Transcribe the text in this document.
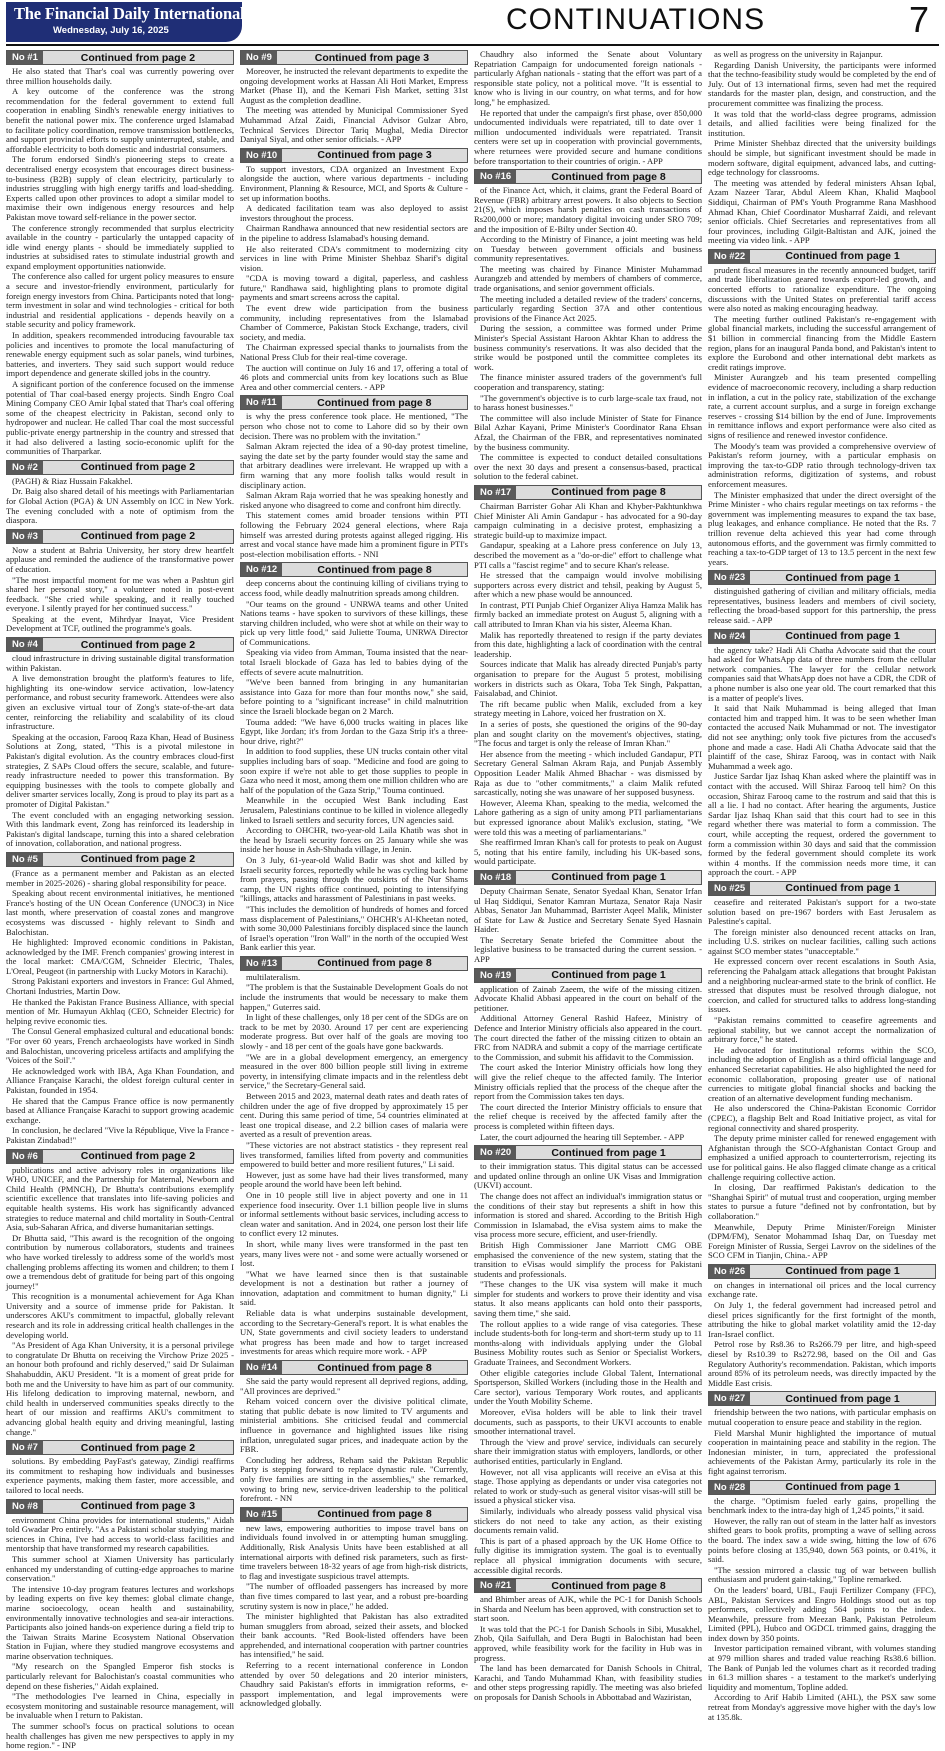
The Financial Daily International
Wednesday, July 16, 2025	CONTINUATIONS	7
No #1	Continued from page 2

He also stated that Thar's coal was currently powering over three million households daily.

A key outcome of the conference was the strong recommendation for the federal government to extend full cooperation in enabling Sindh's renewable energy initiatives to benefit the national power mix. The conference urged Islamabad to facilitate policy coordination, remove transmission bottlenecks, and support provincial efforts to supply uninterrupted, stable, and affordable electricity to both domestic and industrial consumers.

The forum endorsed Sindh's pioneering steps to create a decentralised energy ecosystem that encourages direct business-to-business (B2B) supply of clean electricity, particularly to industries struggling with high energy tariffs and load-shedding. Experts called upon other provinces to adopt a similar model to maximise their own indigenous energy resources and help Pakistan move toward self-reliance in the power sector.

The conference strongly recommended that surplus electricity available in the country - particularly the untapped capacity of idle wind energy plants - should be immediately supplied to industries at subsidised rates to stimulate industrial growth and expand employment opportunities nationwide.

The conference also called for urgent policy measures to ensure a secure and investor-friendly environment, particularly for foreign energy investors from China. Participants noted that long-term investment in solar and wind technologies - critical for both industrial and residential applications - depends heavily on a stable security and policy framework.

In addition, speakers recommended introducing favourable tax policies and incentives to promote the local manufacturing of renewable energy equipment such as solar panels, wind turbines, batteries, and inverters. They said such support would reduce import dependence and generate skilled jobs in the country.

A significant portion of the conference focused on the immense potential of Thar coal-based energy projects. Sindh Engro Coal Mining Company CEO Amir Iqbal stated that Thar's coal offering some of the cheapest electricity in Pakistan, second only to hydropower and nuclear. He called Thar coal the most successful public-private energy partnership in the country and stressed that it had also delivered a lasting socio-economic uplift for the communities of Tharparkar.

No #2	Continued from page 2

(PAGH) & Riaz Hussain Fakakhel.

Dr. Baig also shared detail of his meetings with Parliamentarian for Global Action (PGA) & UN Assembly on ICC in New York. The evening concluded with a note of optimism from the diaspora.

No #3	Continued from page 2

Now a student at Bahria University, her story drew heartfelt applause and reminded the audience of the transformative power of education.

"The most impactful moment for me was when a Pashtun girl shared her personal story," a volunteer noted in post-event feedback. "She cried while speaking, and it really touched everyone. I silently prayed for her continued success."

Speaking at the event, Mihrdyar Inayat, Vice President Development at TCF, outlined the programme's goals.

No #4	Continued from page 2

cloud infrastructure in driving sustainable digital transformation within Pakistan.

A live demonstration brought the platform's features to life, highlighting its one-window service activation, low-latency performance, and robust security framework. Attendees were also given an exclusive virtual tour of Zong's state-of-the-art data center, reinforcing the reliability and scalability of its cloud infrastructure.

Speaking at the occasion, Farooq Raza Khan, Head of Business Solutions at Zong, stated, "This is a pivotal milestone in Pakistan's digital evolution. As the country embraces cloud-first strategies, Z SAPs Cloud offers the secure, scalable, and future-ready infrastructure needed to power this transformation. By equipping businesses with the tools to compete globally and deliver smarter services locally, Zong is proud to play its part as a promoter of Digital Pakistan."

The event concluded with an engaging networking session. With this landmark event, Zong has reinforced its leadership in Pakistan's digital landscape, turning this into a shared celebration of innovation, collaboration, and national progress.

No #5	Continued from page 2

(France as a permanent member and Pakistan as an elected member in 2025-2026) - sharing global responsibility for peace.

Speaking about recent environmental initiatives, he mentioned France's hosting of the UN Ocean Conference (UNOC3) in Nice last month, where preservation of coastal zones and mangrove ecosystems was discussed - highly relevant to Sindh and Balochistan.

He highlighted: Improved economic conditions in Pakistan, acknowledged by the IMF. French companies' growing interest in the local market: CMA/CGM, Schneider Electric, Thales, L'Oreal, Peugeot (in partnership with Lucky Motors in Karachi).

Strong Pakistani exporters and investors in France: Gul Ahmed, Chortani Industries, Martin Dow.

He thanked the Pakistan France Business Alliance, with special mention of Mr. Humayun Akhlaq (CEO, Schneider Electric) for helping revive economic ties.

The Consul General emphasized cultural and educational bonds: "For over 60 years, French archaeologists have worked in Sindh and Balochistan, uncovering priceless artifacts and amplifying the 'Voices of the Soil'."

He acknowledged work with IBA, Aga Khan Foundation, and Alliance Française Karachi, the oldest foreign cultural center in Pakistan, founded in 1954.

He shared that the Campus France office is now permanently based at Alliance Française Karachi to support growing academic exchange.

In conclusion, he declared "Vive la République, Vive la France - Pakistan Zindabad!"

No #6	Continued from page 2

publications and active advisory roles in organizations like WHO, UNICEF, and the Partnership for Maternal, Newborn and Child Health (PMNCH), Dr Bhutta's contributions exemplify scientific excellence that translates into life-saving policies and equitable health systems. His work has significantly advanced strategies to reduce maternal and child mortality in South-Central Asia, sub-Saharan Africa, and diverse humanitarian settings.

Dr Bhutta said, "This award is the recognition of the ongoing contribution by numerous collaborators, students and trainees who have worked tirelessly to address some of the world's most challenging problems affecting its women and children; to them I owe a tremendous debt of gratitude for being part of this ongoing journey!"

This recognition is a monumental achievement for Aga Khan University and a source of immense pride for Pakistan. It underscores AKU's commitment to impactful, globally relevant research and its role in addressing critical health challenges in the developing world.

"As President of Aga Khan University, it is a personal privilege to congratulate Dr Bhutta on receiving the Virchow Prize 2025 - an honour both profound and richly deserved," said Dr Sulaiman Shahabuddin, AKU President. "It is a moment of great pride for both me and the University to have him as part of our community. His lifelong dedication to improving maternal, newborn, and child health in underserved communities speaks directly to the heart of our mission and reaffirms AKU's commitment to advancing global health equity and driving meaningful, lasting change."

No #7	Continued from page 2

solutions. By embedding PayFast's gateway, Zindigi reaffirms its commitment to reshaping how individuals and businesses experience payments, making them faster, more accessible, and tailored to local needs.

No #8	Continued from page 3

environment China provides for international students," Aidah told Gwadar Pro entirely. "As a Pakistani scholar studying marine sciences in China, I've had access to world-class facilities and mentorship that have transformed my research capabilities.

This summer school at Xiamen University has particularly enhanced my understanding of cutting-edge approaches to marine conservation."

The intensive 10-day program features lectures and workshops by leading experts on five key themes: global climate change, marine socioecology, ocean health and sustainability, environmentally innovative technologies and sea-air interactions. Participants also joined hands-on experience during a field trip to the Taiwan Straits Marine Ecosystem National Observation Station in Fujian, where they studied mangrove ecosystems and marine observation techniques.

"My research on the Spangled Emperor fish stocks is particularly relevant for Balochistan's coastal communities who depend on these fisheries," Aidah explained.

"The methodologies I've learned in China, especially in ecosystem monitoring and sustainable resource management, will be invaluable when I return to Pakistan.

The summer school's focus on practical solutions to ocean health challenges has given me new perspectives to apply in my home region." - INP

No #9	Continued from page 3

Moreover, he instructed the relevant departments to expedite the ongoing development works at Hassan Ali Hoti Market, Empress Market (Phase II), and the Kemari Fish Market, setting 31st August as the completion deadline.

The meeting was attended by Municipal Commissioner Syed Muhammad Afzal Zaidi, Financial Advisor Gulzar Abro, Technical Services Director Tariq Mughal, Media Director Daniyal Siyal, and other senior officials. - APP

No #10	Continued from page 3

To support investors, CDA organized an Investment Expo alongside the auction, where various departments - including Environment, Planning & Resource, MCI, and Sports & Culture - set up information booths.

A dedicated facilitation team was also deployed to assist investors throughout the process.

Chairman Randhawa announced that new residential sectors are in the pipeline to address Islamabad's housing demand.

He also reiterated CDA's commitment to modernizing city services in line with Prime Minister Shehbaz Sharif's digital vision.

"CDA is moving toward a digital, paperless, and cashless future," Randhawa said, highlighting plans to promote digital payments and smart screens across the capital.

The event drew wide participation from the business community, including representatives from the Islamabad Chamber of Commerce, Pakistan Stock Exchange, traders, civil society, and media.

The Chairman expressed special thanks to journalists from the National Press Club for their real-time coverage.

The auction will continue on July 16 and 17, offering a total of 46 plots and commercial units from key locations such as Blue Area and other commercial centers. - APP

No #11	Continued from page 8

is why the press conference took place. He mentioned, "The person who chose not to come to Lahore did so by their own decision. There was no problem with the invitation."

Salman Akram rejected the idea of a 90-day protest timeline, saying the date set by the party founder would stay the same and that arbitrary deadlines were irrelevant. He wrapped up with a firm warning that any more foolish talks would result in disciplinary action.

Salman Akram Raja worried that he was speaking honestly and risked anyone who disagreed to come and confront him directly.

This statement comes amid broader tensions within PTI following the February 2024 general elections, where Raja himself was arrested during protests against alleged rigging. His arrest and vocal stance have made him a prominent figure in PTI's post-election mobilisation efforts. - NNI

No #12	Continued from page 8

deep concerns about the continuing killing of civilians trying to access food, while deadly malnutrition spreads among children.

"Our teams on the ground - UNRWA teams and other United Nations teams - have spoken to survivors of these killings, these starving children included, who were shot at while on their way to pick up very little food," said Juliette Touma, UNRWA Director of Communications.

Speaking via video from Amman, Touma insisted that the near-total Israeli blockade of Gaza has led to babies dying of the effects of severe acute malnutrition.

"We've been banned from bringing in any humanitarian assistance into Gaza for more than four months now," she said, before pointing to a "significant increase" in child malnutrition since the Israeli blockade began on 2 March.

Touma added: "We have 6,000 trucks waiting in places like Egypt, like Jordan; it's from Jordan to the Gaza Strip it's a three-hour drive, right?"

In addition to food supplies, these UN trucks contain other vital supplies including bars of soap. "Medicine and food are going to soon expire if we're not able to get those supplies to people in Gaza who need it most, among them one million children who are half of the population of the Gaza Strip," Touma continued.

Meanwhile in the occupied West Bank including East Jerusalem, Palestinians continue to be killed in violence allegedly linked to Israeli settlers and security forces, UN agencies said.

According to OHCHR, two-year-old Laila Khatib was shot in the head by Israeli security forces on 25 January while she was inside her house in Ash-Shuhada village, in Jenin.

On 3 July, 61-year-old Walid Badir was shot and killed by Israeli security forces, reportedly while he was cycling back home from prayers, passing through the outskirts of the Nur Shams camp, the UN rights office continued, pointing to intensifying "killings, attacks and harassment of Palestinians in past weeks.

"This includes the demolition of hundreds of homes and forced mass displacement of Palestinians," OHCHR's Al-Kheetan noted, with some 30,000 Palestinians forcibly displaced since the launch of Israel's operation "Iron Wall" in the north of the occupied West Bank earlier this year.

No #13	Continued from page 8

multilateralism.

"The problem is that the Sustainable Development Goals do not include the instruments that would be necessary to make them happen," Guterres said.

In light of these challenges, only 18 per cent of the SDGs are on track to be met by 2030. Around 17 per cent are experiencing moderate progress. But over half of the goals are moving too slowly - and 18 per cent of the goals have gone backwards.

"We are in a global development emergency, an emergency measured in the over 800 billion people still living in extreme poverty, in intensifying climate impacts and in the relentless debt service," the Secretary-General said.

Between 2015 and 2023, maternal death rates and death rates of children under the age of five dropped by approximately 15 per cent. During this same period of time, 54 countries eliminated at least one tropical disease, and 2.2 billion cases of malaria were averted as a result of prevention areas.

"These victories are not abstract statistics - they represent real lives transformed, families lifted from poverty and communities empowered to build better and more resilient futures," Li said.

However, just as some have had their lives transformed, many people around the world have been left behind.

One in 10 people still live in abject poverty and one in 11 experience food insecurity. Over 1.1 billion people live in slums or informal settlements without basic services, including access to clean water and sanitation. And in 2024, one person lost their life to conflict every 12 minutes.

In short, while many lives were transformed in the past ten years, many lives were not - and some were actually worsened or lost.

"What we have learned since then is that sustainable development is not a destination but rather a journey of innovation, adaptation and commitment to human dignity," Li said.

Reliable data is what underpins sustainable development, according to the Secretary-General's report. It is what enables the UN, State governments and civil society leaders to understand what progress has been made and how to target increased investments for areas which require more work. - APP

No #14	Continued from page 8

She said the party would represent all deprived regions, adding, "All provinces are deprived."

Reham voiced concern over the divisive political climate, stating that public debate is now limited to TV arguments and ministerial ambitions. She criticised feudal and commercial influence in governance and highlighted issues like rising inflation, unregulated sugar prices, and inadequate action by the FBR.

Concluding her address, Reham said the Pakistan Republic Party is stepping forward to replace dynastic rule. "Currently, only five families are sitting in the assemblies," she remarked, vowing to bring new, service-driven leadership to the political forefront. - NN

No #15	Continued from page 8

new laws, empowering authorities to impose travel bans on individuals found involved in or attempting human smuggling. Additionally, Risk Analysis Units have been established at all international airports with defined risk parameters, such as first-time travelers between 18-32 years of age from high-risk districts, to flag and investigate suspicious travel attempts.

"The number of offloaded passengers has increased by more than five times compared to last year, and a robust pre-boarding scrutiny system is now in place," he added.

The minister highlighted that Pakistan has also extradited human smugglers from abroad, seized their assets, and blocked their bank accounts. "Red Book-listed offenders have been apprehended, and international cooperation with partner countries has intensified," he said.

Referring to a recent international conference in London attended by over 50 delegations and 20 interior ministers, Chaudhry said Pakistan's efforts in immigration reforms, e-passport implementation, and legal improvements were acknowledged globally.

Chaudhry also informed the Senate about Voluntary Repatriation Campaign for undocumented foreign nationals - particularly Afghan nationals - stating that the effort was part of a responsible state policy, not a political move. "It is essential to know who is living in our country, on what terms, and for how long," he emphasized.

He reported that under the campaign's first phase, over 850,000 undocumented individuals were repatriated, till to date over 1 million undocumented individuals were repatriated. Transit centers were set up in cooperation with provincial governments, where returnees were provided secure and humane conditions before transportation to their countries of origin. - APP

No #16	Continued from page 8

of the Finance Act, which, it claims, grant the Federal Board of Revenue (FBR) arbitrary arrest powers. It also objects to Section 21(S), which imposes harsh penalties on cash transactions of Rs200,000 or more; mandatory digital invoicing under SRO 709; and the imposition of E-Bilty under Section 40.

According to the Ministry of Finance, a joint meeting was held on Tuesday between government officials and business community representatives.

The meeting was chaired by Finance Minister Muhammad Aurangzeb and attended by members of chambers of commerce, trade organisations, and senior government officials.

The meeting included a detailed review of the traders' concerns, particularly regarding Section 37A and other contentious provisions of the Finance Act 2025.

During the session, a committee was formed under Prime Minister's Special Assistant Haroon Akhtar Khan to address the business community's reservations. It was also decided that the strike would be postponed until the committee completes its work.

The finance minister assured traders of the government's full cooperation and transparency, stating:

"The government's objective is to curb large-scale tax fraud, not to harass honest businesses."

The committee will also include Minister of State for Finance Bilal Azhar Kayani, Prime Minister's Coordinator Rana Ehsan Afzal, the Chairman of the FBR, and representatives nominated by the business community.

The committee is expected to conduct detailed consultations over the next 30 days and present a consensus-based, practical solution to the federal cabinet.

No #17	Continued from page 8

Chairman Barrister Gohar Ali Khan and Khyber-Pakhtunkhwa Chief Minister Ali Amin Gandapur - has advocated for a 90-day campaign culminating in a decisive protest, emphasizing a strategic build-up to maximize impact.

Gandapur, speaking at a Lahore press conference on July 13, described the movement as a "do-or-die" effort to challenge what PTI calls a "fascist regime" and to secure Khan's release.

He stressed that the campaign would involve mobilising supporters across every district and tehsil, peaking by August 5, after which a new phase would be announced.

In contrast, PTI Punjab Chief Organizer Aliya Hamza Malik has firmly backed an immediate protest on August 5, aligning with a call attributed to Imran Khan via his sister, Aleema Khan.

Malik has reportedly threatened to resign if the party deviates from this date, highlighting a lack of coordination with the central leadership.

Sources indicate that Malik has already directed Punjab's party organisation to prepare for the August 5 protest, mobilising workers in districts such as Okara, Toba Tek Singh, Pakpattan, Faisalabad, and Chiniot.

The rift became public when Malik, excluded from a key strategy meeting in Lahore, voiced her frustration on X.

In a series of posts, she questioned the origins of the 90-day plan and sought clarity on the movement's objectives, stating, "The focus and target is only the release of Imran Khan."

Her absence from the meeting - which included Gandapur, PTI Secretary General Salman Akram Raja, and Punjab Assembly Opposition Leader Malik Ahmed Bhachar - was dismissed by Raja as due to "other commitments," a claim Malik refuted sarcastically, noting she was unaware of her supposed busyness.

However, Aleema Khan, speaking to the media, welcomed the Lahore gathering as a sign of unity among PTI parliamentarians but expressed ignorance about Malik's exclusion, stating, "We were told this was a meeting of parliamentarians."

She reaffirmed Imran Khan's call for protests to peak on August 5, noting that his entire family, including his UK-based sons, would participate.

No #18	Continued from page 1

Deputy Chairman Senate, Senator Syedaal Khan, Senator Irfan ul Haq Siddiqui, Senator Kamran Murtaza, Senator Raja Nasir Abbas, Senator Jan Muhammad, Barrister Aqeel Malik, Minister of State for Law & Justice and Secretary Senate Syed Hasnain Haider.

The Secretary Senate briefed the Committee about the legislative business to be transacted during the current session. - APP

No #19	Continued from page 1

application of Zainab Zaeem, the wife of the missing citizen. Advocate Khalid Abbasi appeared in the court on behalf of the petitioner.

Additional Attorney General Rashid Hafeez, Ministry of Defence and Interior Ministry officials also appeared in the court. The court directed the father of the missing citizen to obtain an FRC from NADRA and submit a copy of the marriage certificate to the Commission, and submit his affidavit to the Commission.

The court asked the Interior Ministry officials how long they will give the relief cheque to the affected family. The Interior Ministry officials replied that the process of the cheque after the report from the Commission takes ten days.

The court directed the Interior Ministry officials to ensure that the relief cheque is received by the affected family after the process is completed within fifteen days.

Later, the court adjourned the hearing till September. - APP

No #20	Continued from page 1

to their immigration status. This digital status can be accessed and updated online through an online UK Visas and Immigration (UKVI) account.

The change does not affect an individual's immigration status or the conditions of their stay but represents a shift in how this information is stored and shared. According to the British High Commission in Islamabad, the eVisa system aims to make the visa process more secure, efficient, and user-friendly.

British High Commissioner Jane Marriott CMG OBE emphasised the convenience of the new system, stating that the transition to eVisas would simplify the process for Pakistani students and professionals.

"These changes to the UK visa system will make it much simpler for students and workers to prove their identity and visa status. It also means applicants can hold onto their passports, saving them time," she said.

The rollout applies to a wide range of visa categories. These include students-both for long-term and short-term study up to 11 months-along with individuals applying under the Global Business Mobility routes such as Senior or Specialist Workers, Graduate Trainees, and Secondment Workers.

Other eligible categories include Global Talent, International Sportsperson, Skilled Workers (including those in the Health and Care sector), various Temporary Work routes, and applicants under the Youth Mobility Scheme.

Moreover, eVisa holders will be able to link their travel documents, such as passports, to their UKVI accounts to enable smoother international travel.

Through the 'view and prove' service, individuals can securely share their immigration status with employers, landlords, or other authorised entities, particularly in England.

However, not all visa applicants will receive an eVisa at this stage. Those applying as dependants or under visa categories not related to work or study-such as general visitor visas-will still be issued a physical sticker visa.

Similarly, individuals who already possess valid physical visa stickers do not need to take any action, as their existing documents remain valid.

This is part of a phased approach by the UK Home Office to fully digitise its immigration system. The goal is to eventually replace all physical immigration documents with secure, accessible digital records.

No #21	Continued from page 8

and Bhimber areas of AJK, while the PC-1 for Danish Schools in Sharda and Neelum has been approved, with construction set to start soon.

It was told that the PC-1 for Danish Schools in Sibi, Musakhel, Zhob, Qila Saifullah, and Dera Bugti in Balochistan had been approved, while feasibility work for the facility in Hub was in progress.

The land has been demarcated for Danish Schools in Chitral, Karachi, and Tando Muhammad Khan, with feasibility studies and other steps progressing rapidly. The meeting was also briefed on proposals for Danish Schools in Abbottabad and Waziristan,

as well as progress on the university in Rajanpur.

Regarding Danish University, the participants were informed that the techno-feasibility study would be completed by the end of July. Out of 13 international firms, seven had met the required standards for the master plan, design, and construction, and the procurement committee was finalizing the process.

It was told that the world-class degree programs, admission details, and allied facilities were being finalized for the institution.

Prime Minister Shehbaz directed that the university buildings should be simple, but significant investment should be made in modern software, digital equipment, advanced labs, and cutting-edge technology for classrooms.

The meeting was attended by federal ministers Ahsan Iqbal, Azam Nazeer Tarar, Abdul Aleem Khan, Khalid Maqbool Siddiqui, Chairman of PM's Youth Programme Rana Mashhood Ahmad Khan, Chief Coordinator Musharraf Zaidi, and relevant senior officials. Chief Secretaries and representatives from all four provinces, including Gilgit-Baltistan and AJK, joined the meeting via video link. - APP

No #22	Continued from page 1

prudent fiscal measures in the recently announced budget, tariff and trade liberalization geared towards export-led growth, and concerted efforts to rationalize expenditure. The ongoing discussions with the United States on preferential tariff access were also noted as making encouraging headway.

The meeting further outlined Pakistan's re-engagement with global financial markets, including the successful arrangement of $1 billion in commercial financing from the Middle Eastern region, plans for an inaugural Panda bond, and Pakistan's intent to explore the Eurobond and other international debt markets as credit ratings improve.

Minister Aurangzeb and his team presented compelling evidence of macroeconomic recovery, including a sharp reduction in inflation, a cut in the policy rate, stabilization of the exchange rate, a current account surplus, and a surge in foreign exchange reserves - crossing $14 billion by the end of June. Improvements in remittance inflows and export performance were also cited as signs of resilience and renewed investor confidence.

The Moody's team was provided a comprehensive overview of Pakistan's reform journey, with a particular emphasis on improving the tax-to-GDP ratio through technology-driven tax administration reforms, digitization of systems, and robust enforcement measures.

The Minister emphasized that under the direct oversight of the Prime Minister - who chairs regular meetings on tax reforms - the government was implementing measures to expand the tax base, plug leakages, and enhance compliance. He noted that the Rs. 7 trillion revenue delta achieved this year had come through autonomous efforts, and the government was firmly committed to reaching a tax-to-GDP target of 13 to 13.5 percent in the next few years.

No #23	Continued from page 1

distinguished gathering of civilian and military officials, media representatives, business leaders and members of civil society, reflecting the broad-based support for this partnership, the press release said. - APP

No #24	Continued from page 1

the agency take? Hadi Ali Chatha Advocate said that the court had asked for WhatsApp data of three numbers from the cellular network companies. The lawyer for the cellular network companies said that WhatsApp does not have a CDR, the CDR of a phone number is also one year old. The court remarked that this is a matter of people's lives.

It said that Naik Muhammad is being alleged that Iman contacted him and trapped him. It was to be seen whether Iman contacted the accused Naik Muhammad or not. The investigator did not see anything; only took five pictures from the accused's phone and made a case. Hadi Ali Chatha Advocate said that the plaintiff of the case, Shiraz Farooq, was in contact with Naik Muhammad a week ago.

Justice Sardar Ijaz Ishaq Khan asked where the plaintiff was in contact with the accused. Will Shiraz Farooq tell him? On this occasion, Shiraz Farooq came to the rostrum and said that this is all a lie. I had no contact. After hearing the arguments, Justice Sardar Ijaz Ishaq Khan said that this court had to see in this regard whether there was material to form a commission. The court, while accepting the request, ordered the government to form a commission within 30 days and said that the commission formed by the federal government should complete its work within 4 months. If the commission needs more time, it can approach the court. - APP

No #25	Continued from page 1

ceasefire and reiterated Pakistan's support for a two-state solution based on pre-1967 borders with East Jerusalem as Palestine's capital.

The foreign minister also denounced recent attacks on Iran, including U.S. strikes on nuclear facilities, calling such actions against SCO member states "unacceptable."

He expressed concern over recent escalations in South Asia, referencing the Pahalgam attack allegations that brought Pakistan and a neighboring nuclear-armed state to the brink of conflict. He stressed that disputes must be resolved through dialogue, not coercion, and called for structured talks to address long-standing issues.

"Pakistan remains committed to ceasefire agreements and regional stability, but we cannot accept the normalization of arbitrary force," he stated.

He advocated for institutional reforms within the SCO, including the adoption of English as a third official language and enhanced Secretariat capabilities. He also highlighted the need for economic collaboration, proposing greater use of national currencies to mitigate global financial shocks and backing the creation of an alternative development funding mechanism.

He also underscored the China-Pakistan Economic Corridor (CPEC), a flagship Belt and Road Initiative project, as vital for regional connectivity and shared prosperity.

The deputy prime minister called for renewed engagement with Afghanistan through the SCO-Afghanistan Contact Group and emphasized a unified approach to counterterrorism, rejecting its use for political gains. He also flagged climate change as a critical challenge requiring collective action.

In closing, Dar reaffirmed Pakistan's dedication to the "Shanghai Spirit" of mutual trust and cooperation, urging member states to pursue a future "defined not by confrontation, but by collaboration."

Meanwhile, Deputy Prime Minister/Foreign Minister (DPM/FM), Senator Mohammad Ishaq Dar, on Tuesday met Foreign Minister of Russia, Sergei Lavrov on the sidelines of the SCO CFM in Tianjin, China.- APP

No #26	Continued from page 1

on changes in international oil prices and the local currency exchange rate.

On July 1, the federal government had increased petrol and diesel prices significantly for the first fortnight of the month, attributing the hike to global market volatility amid the 12-day Iran-Israel conflict.

Petrol rose by Rs8.36 to Rs266.79 per litre, and high-speed diesel by Rs10.39 to Rs272.98, based on the Oil and Gas Regulatory Authority's recommendation. Pakistan, which imports around 85% of its petroleum needs, was directly impacted by the Middle East crisis.

No #27	Continued from page 1

friendship between the two nations, with particular emphasis on mutual cooperation to ensure peace and stability in the region.

Field Marshal Munir highlighted the importance of mutual cooperation in maintaining peace and stability in the region. The Indonesian minister, in turn, appreciated the professional achievements of the Pakistan Army, particularly its role in the fight against terrorism.

No #28	Continued from page 1

the charge. "Optimism fueled early gains, propelling the benchmark index to the intra-day high of 1,245 points," it said.

However, the rally ran out of steam in the latter half as investors shifted gears to book profits, prompting a wave of selling across the board. The index saw a wide swing, hitting the low of 676 points before closing at 135,940, down 563 points, or 0.41%, it said.

"The session mirrored a classic tug of war between bullish enthusiasm and prudent gain-taking," Topline remarked.

On the leaders' board, UBL, Fauji Fertilizer Company (FFC), ABL, Pakistan Services and Engro Holdings stood out as top performers, collectively adding 564 points to the index. Meanwhile, pressure from Meezan Bank, Pakistan Petroleum Limited (PPL), Hubco and OGDCL trimmed gains, dragging the index down by 350 points.

Investor participation remained vibrant, with volumes standing at 979 million shares and traded value reaching Rs38.6 billion. The Bank of Punjab led the volumes chart as it recorded trading in 61.3 million shares - a testament to the market's underlying liquidity and momentum, Topline added.

According to Arif Habib Limited (AHL), the PSX saw some retreat from Monday's aggressive move higher with the day's low at 135.8k.
